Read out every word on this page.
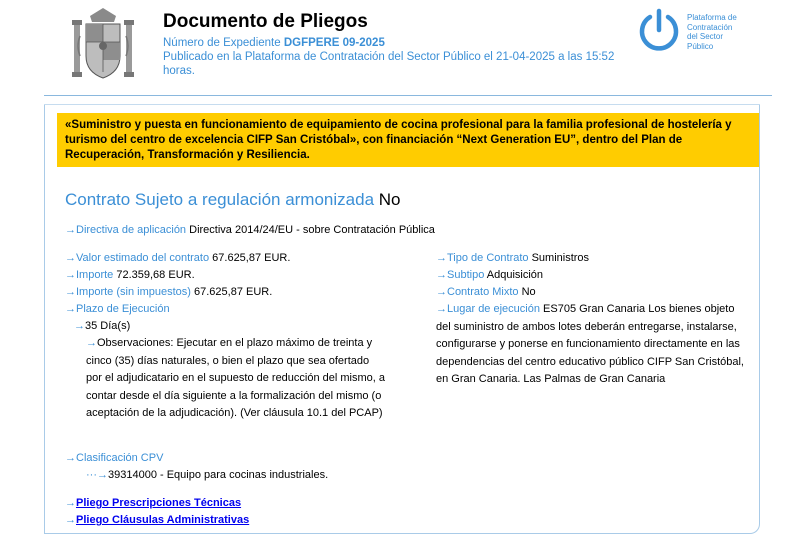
Documento de Pliegos
Número de Expediente DGFPERE 09-2025
Publicado en la Plataforma de Contratación del Sector Público el 21-04-2025 a las 15:52 horas.
Plataforma de
Contratación
del Sector
Público
«Suministro y puesta en funcionamiento de equipamiento de cocina profesional para la familia profesional de hostelería y turismo del centro de excelencia CIFP San Cristóbal», con financiación “Next Generation EU”, dentro del Plan de Recuperación, Transformación y Resiliencia.
Contrato Sujeto a regulación armonizada No
→Directiva de aplicación Directiva 2014/24/EU - sobre Contratación Pública
→Valor estimado del contrato 67.625,87 EUR.
→Importe 72.359,68 EUR.
→Importe (sin impuestos) 67.625,87 EUR.
→Plazo de Ejecución
→35 Día(s)
→Observaciones: Ejecutar en el plazo máximo de treinta y cinco (35) días naturales, o bien el plazo que sea ofertado por el adjudicatario en el supuesto de reducción del mismo, a contar desde el día siguiente a la formalización del mismo (o aceptación de la adjudicación). (Ver cláusula 10.1 del PCAP)
→Tipo de Contrato Suministros
→Subtipo Adquisición
→Contrato Mixto No
→Lugar de ejecución ES705 Gran Canaria Los bienes objeto del suministro de ambos lotes deberán entregarse, instalarse, configurarse y ponerse en funcionamiento directamente en las dependencias del centro educativo público CIFP San Cristóbal, en Gran Canaria. Las Palmas de Gran Canaria
→Clasificación CPV
···→39314000 - Equipo para cocinas industriales.
→Pliego Prescripciones Técnicas
→Pliego Cláusulas Administrativas
